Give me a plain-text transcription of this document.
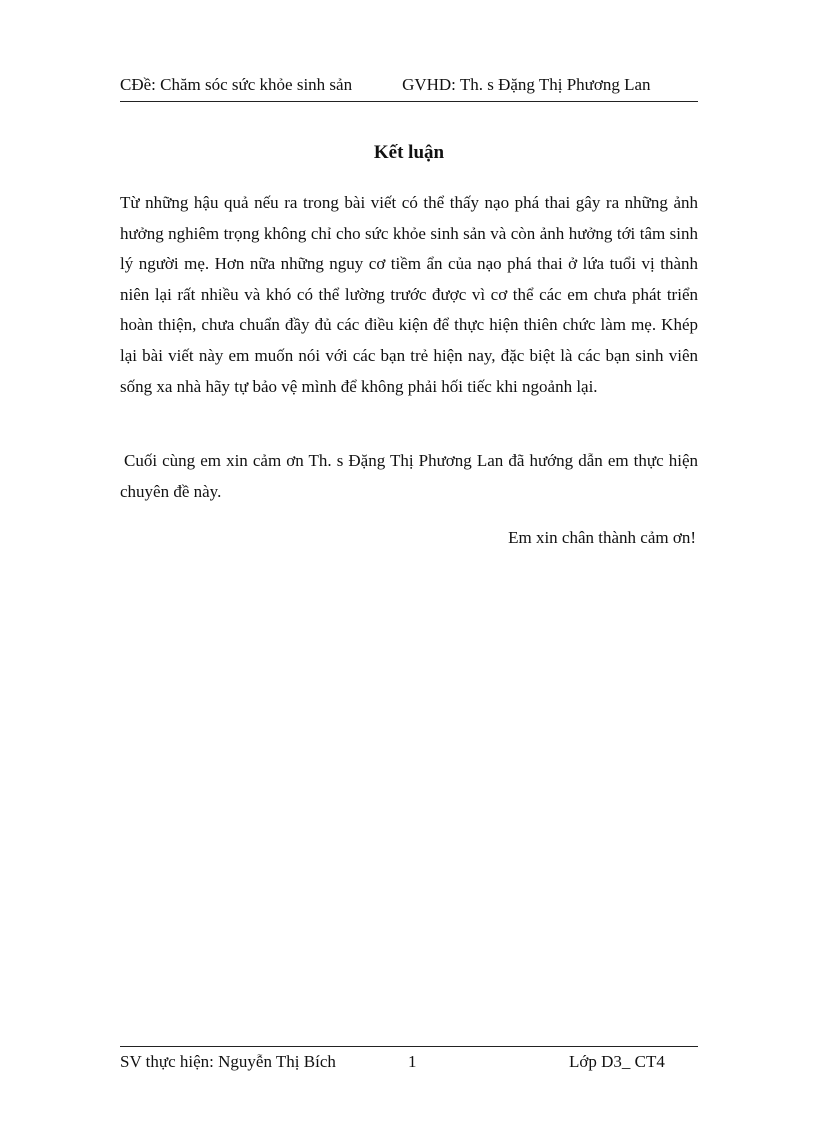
CĐề: Chăm sóc sức khỏe sinh sản	GVHD: Th. s Đặng Thị Phương Lan
Kết luận
Từ những hậu quả nếu ra trong bài viết có thể thấy nạo phá thai gây ra những ảnh hưởng nghiêm trọng không chỉ cho sức khỏe sinh sản và còn ảnh hưởng tới tâm sinh lý người mẹ. Hơn nữa những nguy cơ tiềm ẩn của nạo phá thai ở lứa tuổi vị thành niên lại rất nhiều và khó có thể lường trước được vì cơ thể các em chưa phát triển hoàn thiện, chưa chuẩn đầy đủ các điều kiện để thực hiện thiên chức làm mẹ. Khép lại bài viết này em muốn nói với các bạn trẻ hiện nay, đặc biệt là các bạn sinh viên sống xa nhà hãy tự bảo vệ mình để không phải hối tiếc khi ngoảnh lại.
Cuối cùng em xin cảm ơn Th. s Đặng Thị Phương Lan đã hướng dẫn em thực hiện chuyên đề này.
Em xin chân thành cảm ơn!
SV thực hiện: Nguyễn Thị Bích	1	Lớp D3_ CT4
